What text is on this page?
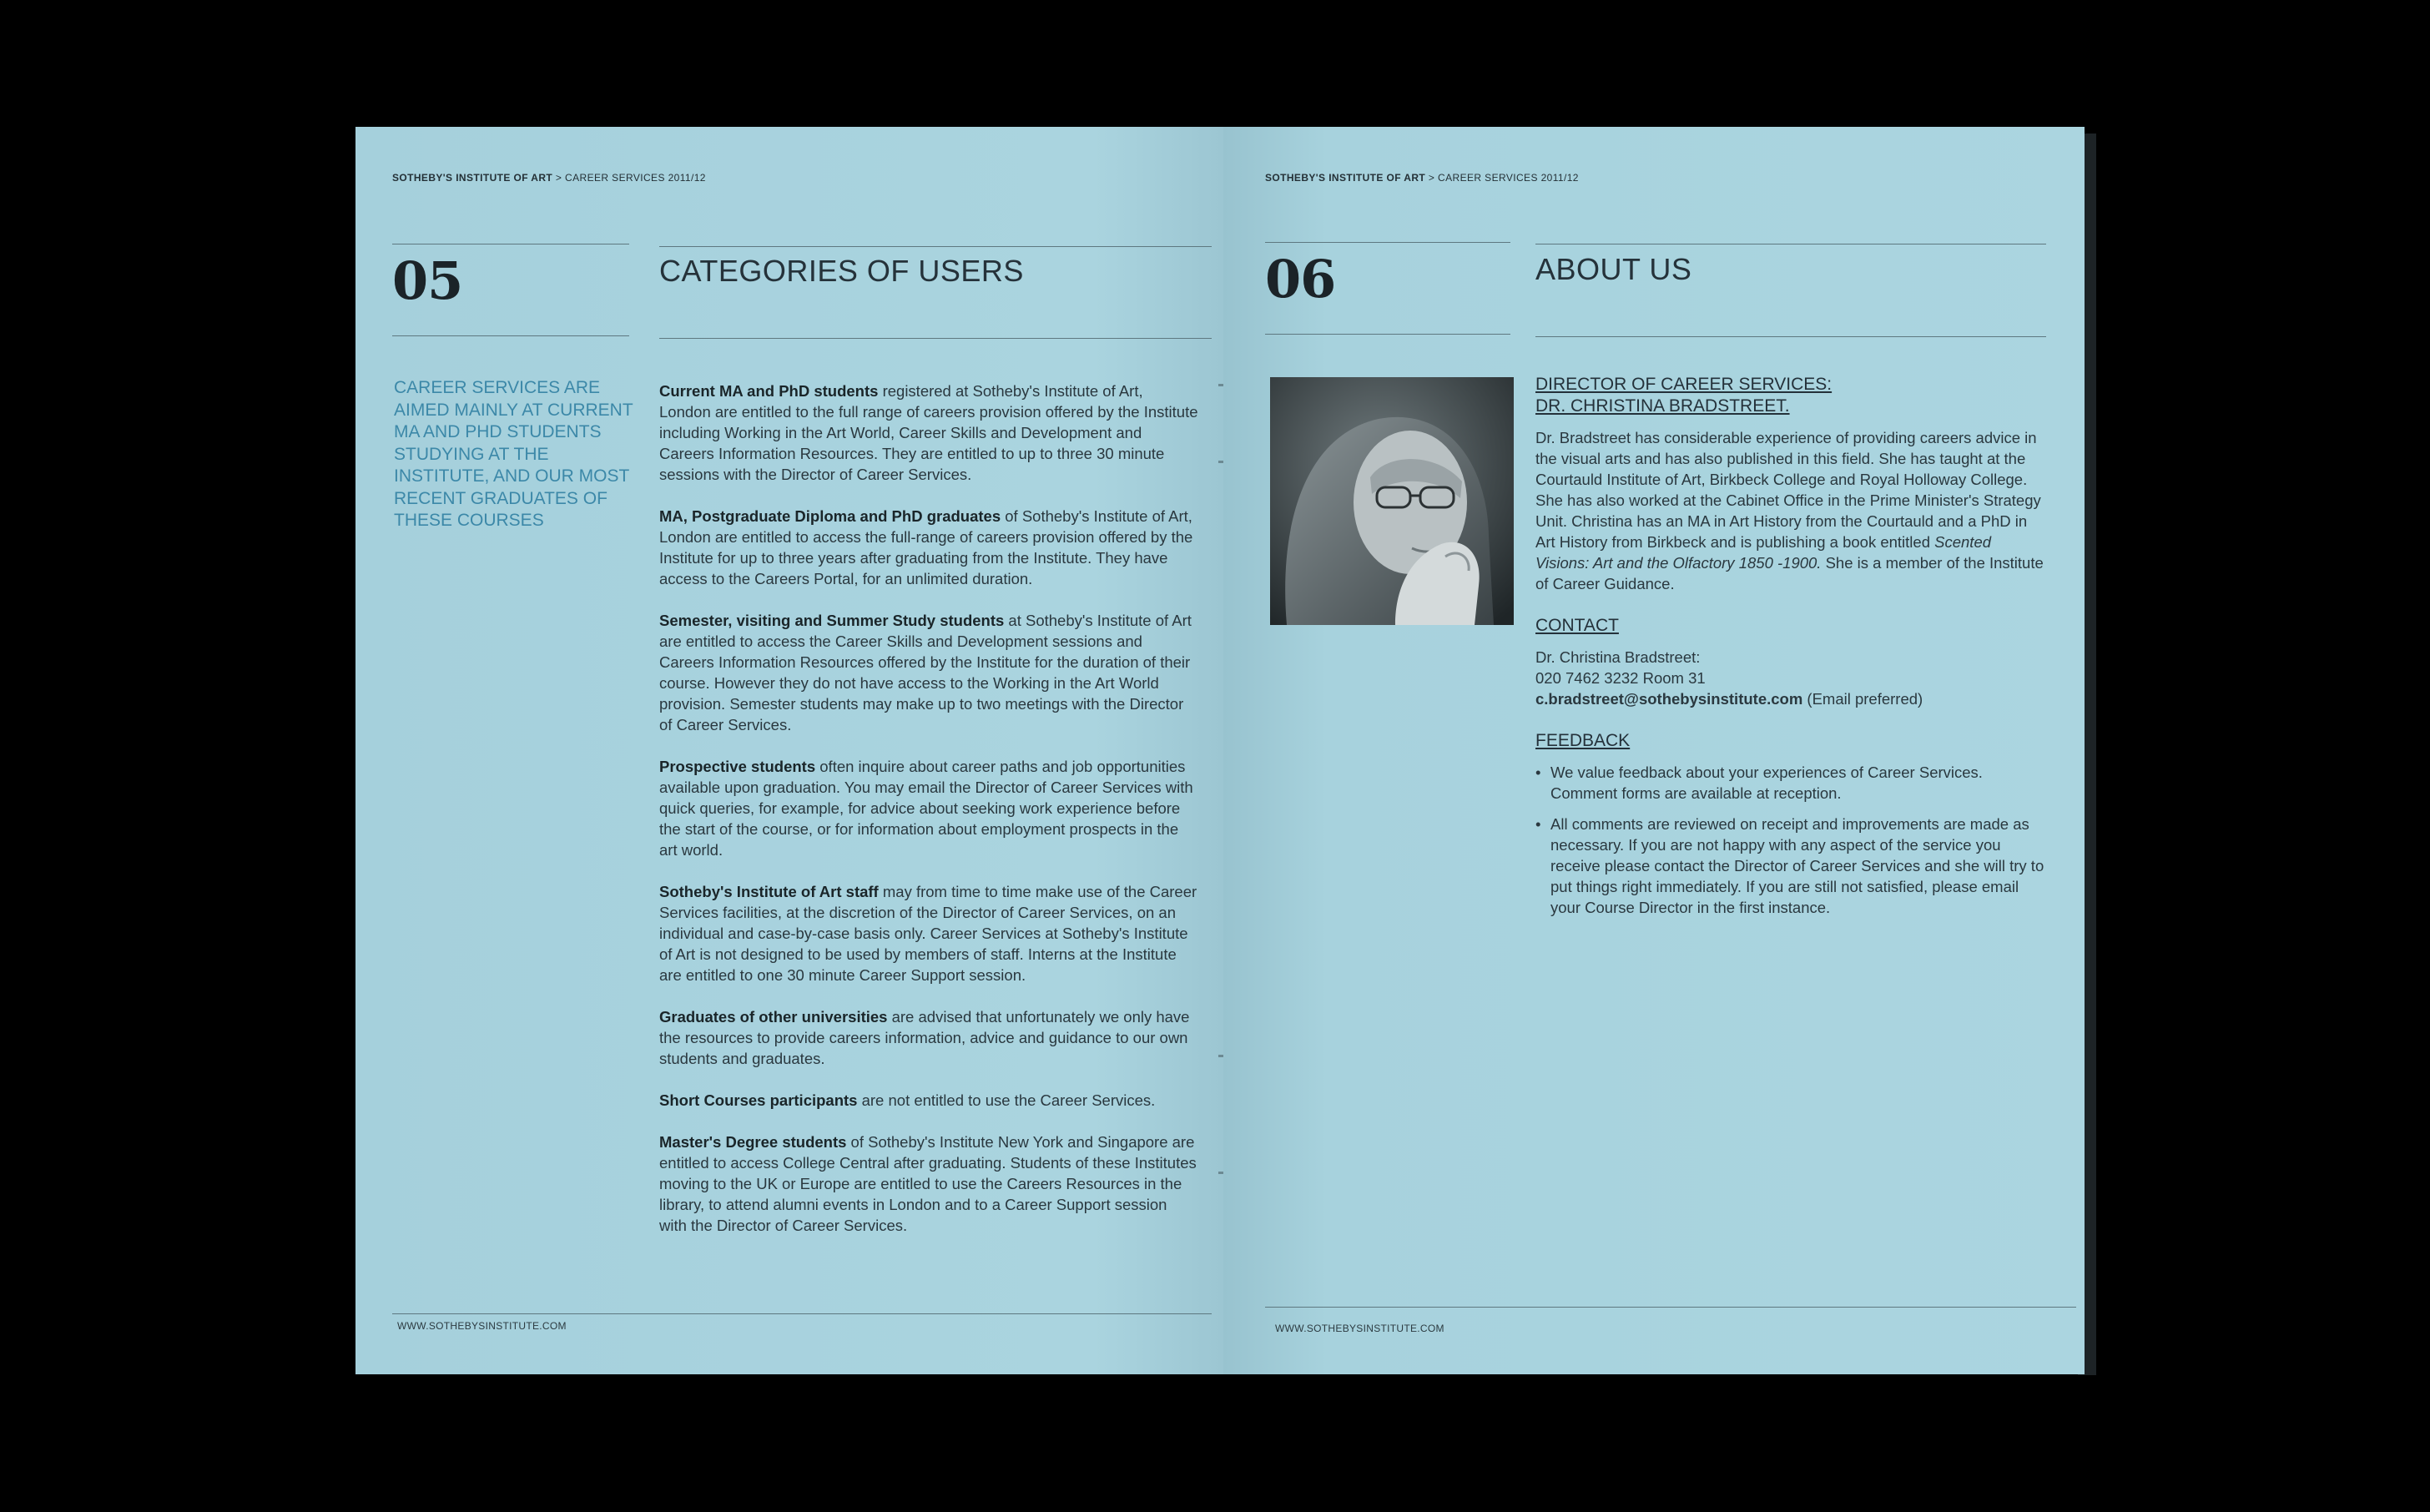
SOTHEBY'S INSTITUTE OF ART > CAREER SERVICES 2011/12
05	CATEGORIES OF USERS
CAREER SERVICES ARE AIMED MAINLY AT CURRENT MA AND PHD STUDENTS STUDYING AT THE INSTITUTE, AND OUR MOST RECENT GRADUATES OF THESE COURSES

Current MA and PhD students registered at Sotheby's Institute of Art, London are entitled to the full range of careers provision offered by the Institute including Working in the Art World, Career Skills and Development and Careers Information Resources. They are entitled to up to three 30 minute sessions with the Director of Career Services.

MA, Postgraduate Diploma and PhD graduates of Sotheby's Institute of Art, London are entitled to access the full-range of careers provision offered by the Institute for up to three years after graduating from the Institute. They have access to the Careers Portal, for an unlimited duration.

Semester, visiting and Summer Study students at Sotheby's Institute of Art are entitled to access the Career Skills and Development sessions and Careers Information Resources offered by the Institute for the duration of their course. However they do not have access to the Working in the Art World provision. Semester students may make up to two meetings with the Director of Career Services.

Prospective students often inquire about career paths and job opportunities available upon graduation. You may email the Director of Career Services with quick queries, for example, for advice about seeking work experience before the start of the course, or for information about employment prospects in the art world.

Sotheby's Institute of Art staff may from time to time make use of the Career Services facilities, at the discretion of the Director of Career Services, on an individual and case-by-case basis only. Career Services at Sotheby's Institute of Art is not designed to be used by members of staff. Interns at the Institute are entitled to one 30 minute Career Support session.

Graduates of other universities are advised that unfortunately we only have the resources to provide careers information, advice and guidance to our own students and graduates.

Short Courses participants are not entitled to use the Career Services.

Master's Degree students of Sotheby's Institute New York and Singapore are entitled to access College Central after graduating. Students of these Institutes moving to the UK or Europe are entitled to use the Careers Resources in the library, to attend alumni events in London and to a Career Support session with the Director of Career Services.

WWW.SOTHEBYSINSTITUTE.COM
SOTHEBY'S INSTITUTE OF ART > CAREER SERVICES 2011/12
06	ABOUT US

DIRECTOR OF CAREER SERVICES:

DR. CHRISTINA BRADSTREET.

Dr. Bradstreet has considerable experience of providing careers advice in the visual arts and has also published in this field. She has taught at the Courtauld Institute of Art, Birkbeck College and Royal Holloway College. She has also worked at the Cabinet Office in the Prime Minister's Strategy Unit. Christina has an MA in Art History from the Courtauld and a PhD in Art History from Birkbeck and is publishing a book entitled Scented Visions: Art and the Olfactory 1850 -1900. She is a member of the Institute of Career Guidance.

CONTACT

Dr. Christina Bradstreet:
020 7462 3232 Room 31
c.bradstreet@sothebysinstitute.com (Email preferred)

FEEDBACK

• We value feedback about your experiences of Career Services. Comment forms are available at reception.
• All comments are reviewed on receipt and improvements are made as necessary. If you are not happy with any aspect of the service you receive please contact the Director of Career Services and she will try to put things right immediately. If you are still not satisfied, please email your Course Director in the first instance.
WWW.SOTHEBYSINSTITUTE.COM
